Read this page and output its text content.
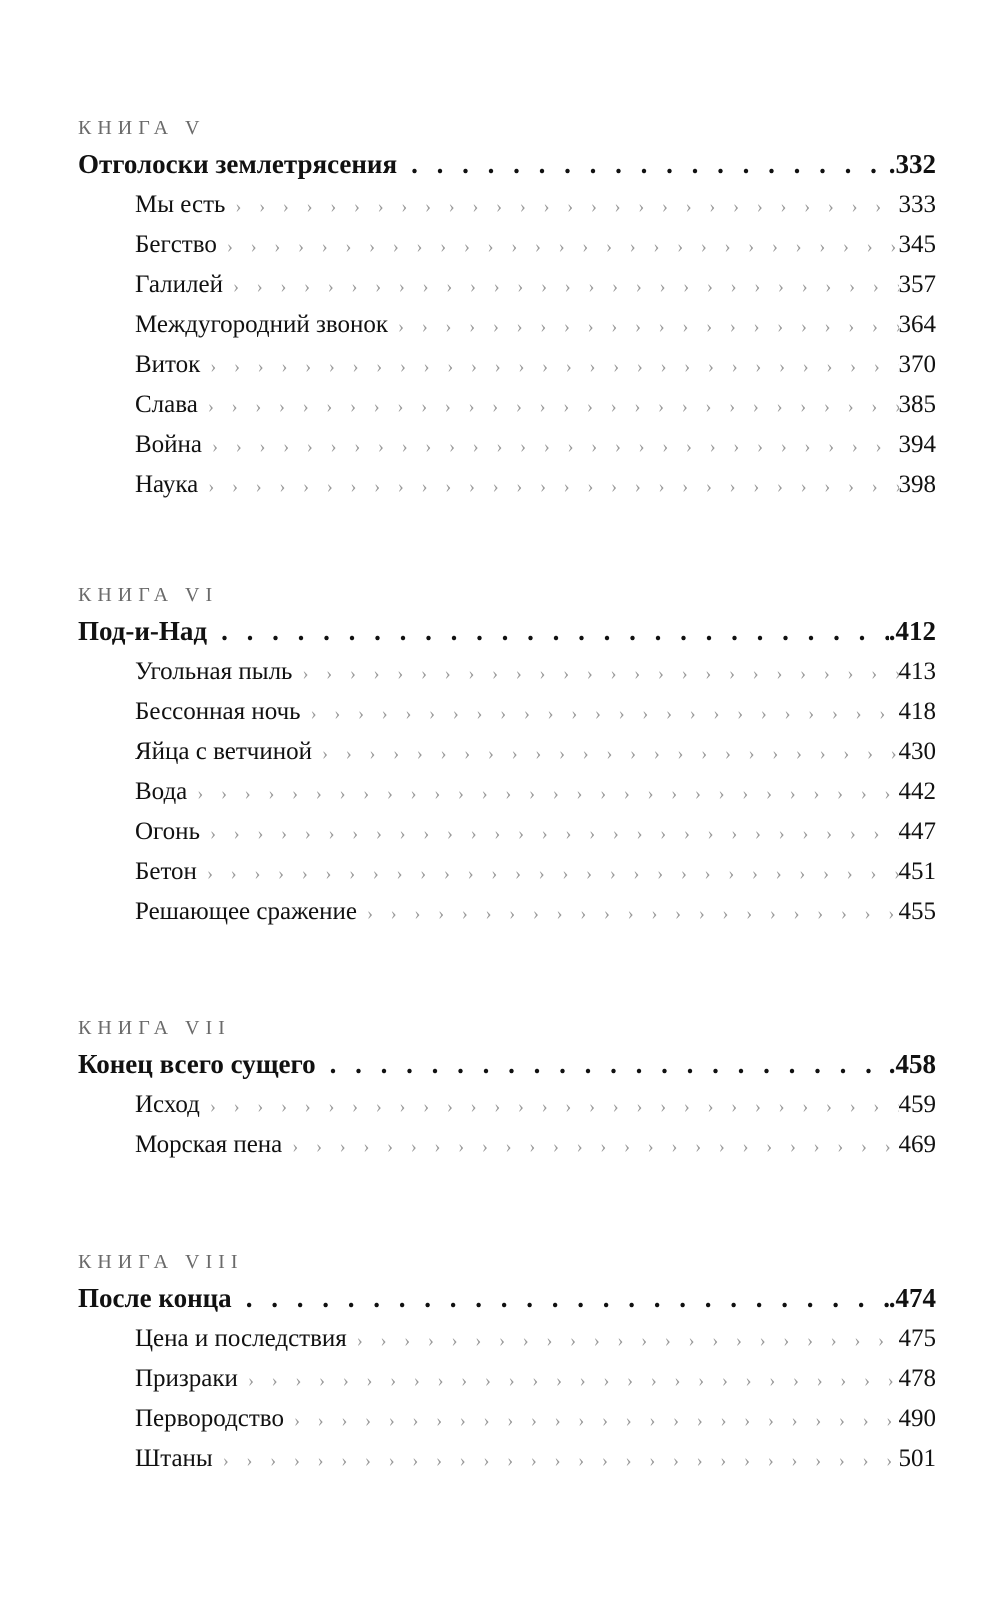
КНИГА V
Отголоски землетрясения . . .	.332
Мы есть › › › › › › › › › › › › › › › › › › › › › › › › › › › › › › › › › › › › › › › › › › › › › › › › › › › ›	333
Бегство › › › › › › › › › › › › › › › › › › › › › › › › › › › › › › › › › › › › › › › › › › › › › › › › › › › ›	345
Галилей › › › › › › › › › › › › › › › › › › › › › › › › › › › › › › › › › › › › › › › › › › › › › › › › › › › ›	357
Междугородний звонок › › › › › › › › › › › › › › › › › › › › › › › › › › › › › › › › › › › › › › › › › › › › › › › › › › › ›	364
Виток › › › › › › › › › › › › › › › › › › › › › › › › › › › › › › › › › › › › › › › › › › › › › › › › › › › ›	370
Слава › › › › › › › › › › › › › › › › › › › › › › › › › › › › › › › › › › › › › › › › › › › › › › › › › › › ›	385
Война › › › › › › › › › › › › › › › › › › › › › › › › › › › › › › › › › › › › › › › › › › › › › › › › › › › ›	394
Наука › › › › › › › › › › › › › › › › › › › › › › › › › › › › › › › › › › › › › › › › › › › › › › › › › › › ›	398
КНИГА VI
Под-и-Над . . .	.412
Угольная пыль › › › › › › › › › › › › › › › › › › › › › › › › › › › › › › › › › › › › › › › › › › › › › › › › › › › ›	413
Бессонная ночь › › › › › › › › › › › › › › › › › › › › › › › › › › › › › › › › › › › › › › › › › › › › › › › › › › › ›	418
Яйца с ветчиной › › › › › › › › › › › › › › › › › › › › › › › › › › › › › › › › › › › › › › › › › › › › › › › › › › › ›	430
Вода › › › › › › › › › › › › › › › › › › › › › › › › › › › › › › › › › › › › › › › › › › › › › › › › › › › ›	442
Огонь › › › › › › › › › › › › › › › › › › › › › › › › › › › › › › › › › › › › › › › › › › › › › › › › › › › ›	447
Бетон › › › › › › › › › › › › › › › › › › › › › › › › › › › › › › › › › › › › › › › › › › › › › › › › › › › ›	451
Решающее сражение › › › › › › › › › › › › › › › › › › › › › › › › › › › › › › › › › › › › › › › › › › › › › › › › › › › ›	455
КНИГА VII
Конец всего сущего . . .	.458
Исход › › › › › › › › › › › › › › › › › › › › › › › › › › › › › › › › › › › › › › › › › › › › › › › › › › › ›	459
Морская пена › › › › › › › › › › › › › › › › › › › › › › › › › › › › › › › › › › › › › › › › › › › › › › › › › › › ›	469
КНИГА VIII
После конца . . .	.474
Цена и последствия › › › › › › › › › › › › › › › › › › › › › › › › › › › › › › › › › › › › › › › › › › › › › › › › › › › ›	475
Призраки › › › › › › › › › › › › › › › › › › › › › › › › › › › › › › › › › › › › › › › › › › › › › › › › › › › ›	478
Первородство › › › › › › › › › › › › › › › › › › › › › › › › › › › › › › › › › › › › › › › › › › › › › › › › › › › ›	490
Штаны › › › › › › › › › › › › › › › › › › › › › › › › › › › › › › › › › › › › › › › › › › › › › › › › › › › ›	501
